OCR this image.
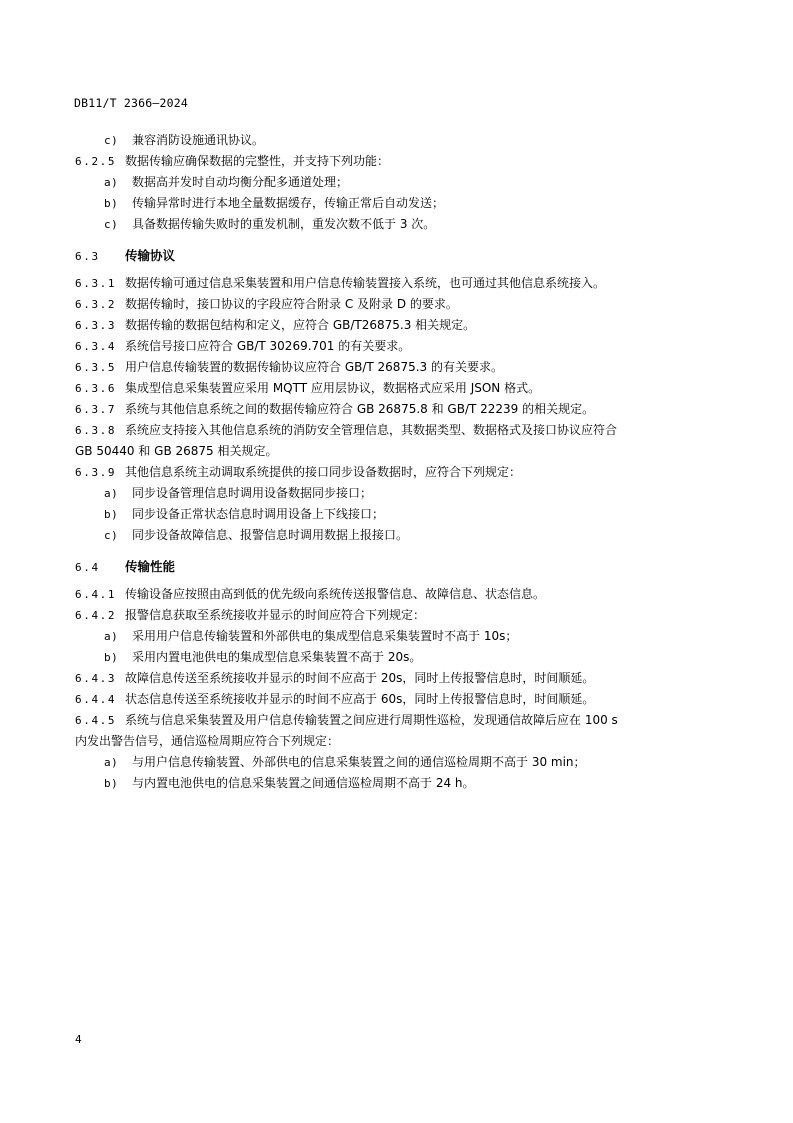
DB11/T 2366—2024
c) 兼容消防设施通讯协议。
6.2.5 数据传输应确保数据的完整性，并支持下列功能：
a) 数据高并发时自动均衡分配多通道处理；
b) 传输异常时进行本地全量数据缓存，传输正常后自动发送；
c) 具备数据传输失败时的重发机制，重发次数不低于 3 次。
6.3 传输协议
6.3.1 数据传输可通过信息采集装置和用户信息传输装置接入系统，也可通过其他信息系统接入。
6.3.2 数据传输时，接口协议的字段应符合附录 C 及附录 D 的要求。
6.3.3 数据传输的数据包结构和定义，应符合 GB/T26875.3 相关规定。
6.3.4 系统信号接口应符合 GB/T 30269.701 的有关要求。
6.3.5 用户信息传输装置的数据传输协议应符合 GB/T 26875.3 的有关要求。
6.3.6 集成型信息采集装置应采用 MQTT 应用层协议，数据格式应采用 JSON 格式。
6.3.7 系统与其他信息系统之间的数据传输应符合 GB 26875.8 和 GB/T 22239 的相关规定。
6.3.8 系统应支持接入其他信息系统的消防安全管理信息，其数据类型、数据格式及接口协议应符合
GB 50440 和 GB 26875 相关规定。
6.3.9 其他信息系统主动调取系统提供的接口同步设备数据时，应符合下列规定：
a) 同步设备管理信息时调用设备数据同步接口；
b) 同步设备正常状态信息时调用设备上下线接口；
c) 同步设备故障信息、报警信息时调用数据上报接口。
6.4 传输性能
6.4.1 传输设备应按照由高到低的优先级向系统传送报警信息、故障信息、状态信息。
6.4.2 报警信息获取至系统接收并显示的时间应符合下列规定：
a) 采用用户信息传输装置和外部供电的集成型信息采集装置时不高于 10s；
b) 采用内置电池供电的集成型信息采集装置不高于 20s。
6.4.3 故障信息传送至系统接收并显示的时间不应高于 20s，同时上传报警信息时，时间顺延。
6.4.4 状态信息传送至系统接收并显示的时间不应高于 60s，同时上传报警信息时，时间顺延。
6.4.5 系统与信息采集装置及用户信息传输装置之间应进行周期性巡检，发现通信故障后应在 100 s
内发出警告信号，通信巡检周期应符合下列规定：
a) 与用户信息传输装置、外部供电的信息采集装置之间的通信巡检周期不高于 30 min；
b) 与内置电池供电的信息采集装置之间通信巡检周期不高于 24 h。
4
